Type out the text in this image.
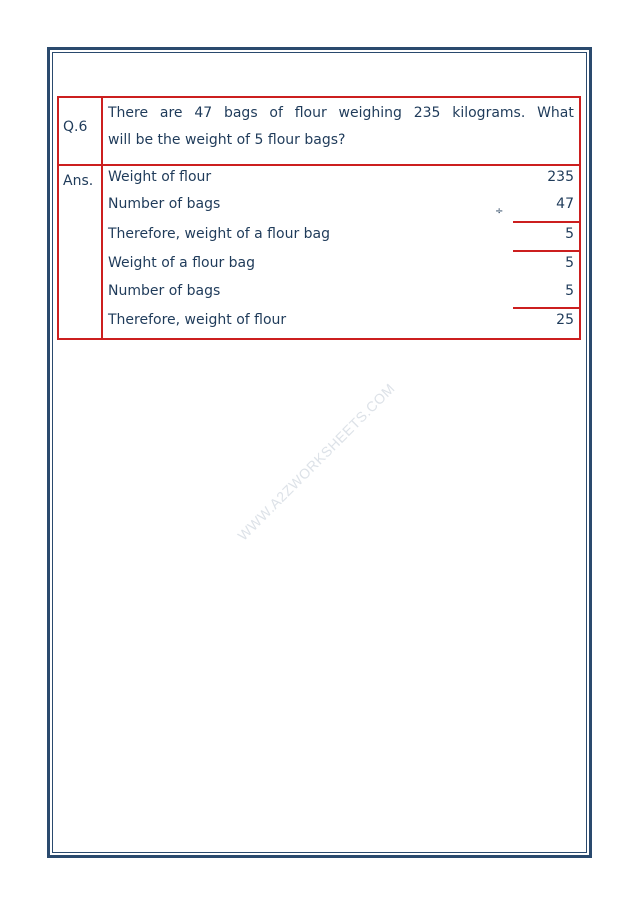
WWW.A2ZWORKSHEETS.COM
Q.6
There are 47 bags of flour weighing 235 kilograms. What
will be the weight of 5 flour bags?
Ans. Weight of flour	235
Number of bags	47
÷
Therefore, weight of a flour bag	5
Weight of a flour bag	5
Number of bags	5
Therefore, weight of flour	25
